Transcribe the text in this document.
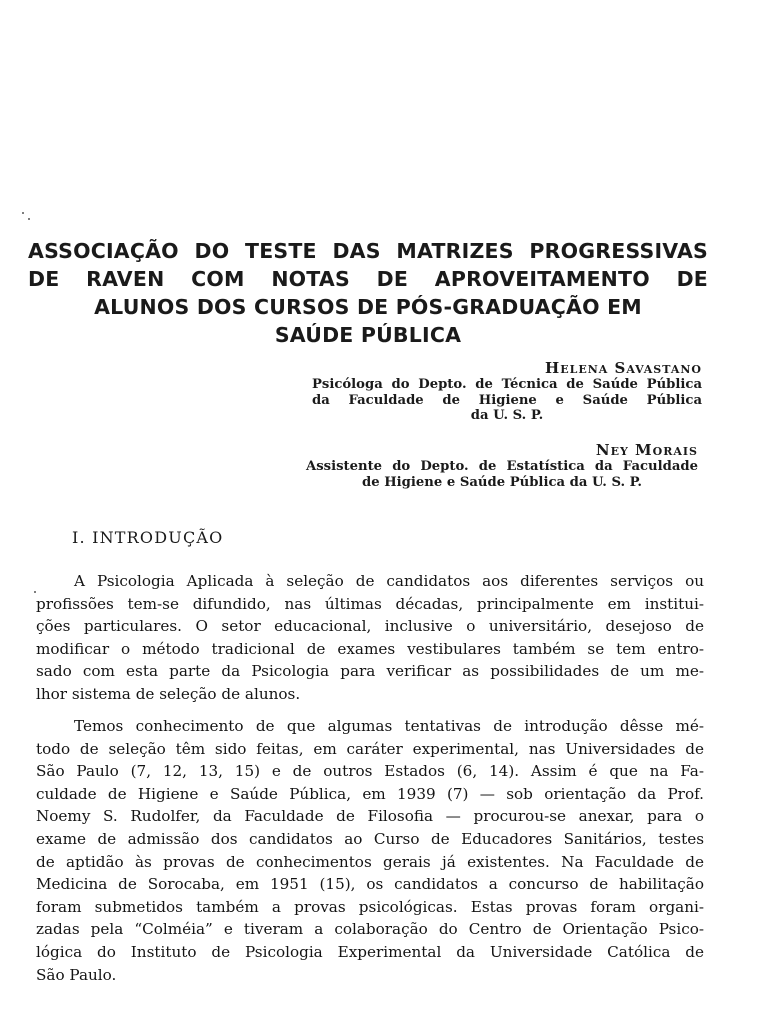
ASSOCIAÇÃO DO TESTE DAS MATRIZES PROGRESSIVAS
DE RAVEN COM NOTAS DE APROVEITAMENTO DE
ALUNOS DOS CURSOS DE PÓS-GRADUAÇÃO EM
SAÚDE PÚBLICA
Helena Savastano
Psicóloga do Depto. de Técnica de Saúde Pública
da Faculdade de Higiene e Saúde Pública
da U. S. P.
Ney Morais
Assistente do Depto. de Estatística da Faculdade
de Higiene e Saúde Pública da U. S. P.
I. INTRODUÇÃO
A Psicologia Aplicada à seleção de candidatos aos diferentes serviços ou
profissões tem-se difundido, nas últimas décadas, principalmente em institui-
ções particulares. O setor educacional, inclusive o universitário, desejoso de
modificar o método tradicional de exames vestibulares também se tem entro-
sado com esta parte da Psicologia para verificar as possibilidades de um me-
lhor sistema de seleção de alunos.
Temos conhecimento de que algumas tentativas de introdução dêsse mé-
todo de seleção têm sido feitas, em caráter experimental, nas Universidades de
São Paulo (7, 12, 13, 15) e de outros Estados (6, 14). Assim é que na Fa-
culdade de Higiene e Saúde Pública, em 1939 (7) — sob orientação da Prof.
Noemy S. Rudolfer, da Faculdade de Filosofia — procurou-se anexar, para o
exame de admissão dos candidatos ao Curso de Educadores Sanitários, testes
de aptidão às provas de conhecimentos gerais já existentes. Na Faculdade de
Medicina de Sorocaba, em 1951 (15), os candidatos a concurso de habilitação
foram submetidos também a provas psicológicas. Estas provas foram organi-
zadas pela “Colméia” e tiveram a colaboração do Centro de Orientação Psico-
lógica do Instituto de Psicologia Experimental da Universidade Católica de
São Paulo.
